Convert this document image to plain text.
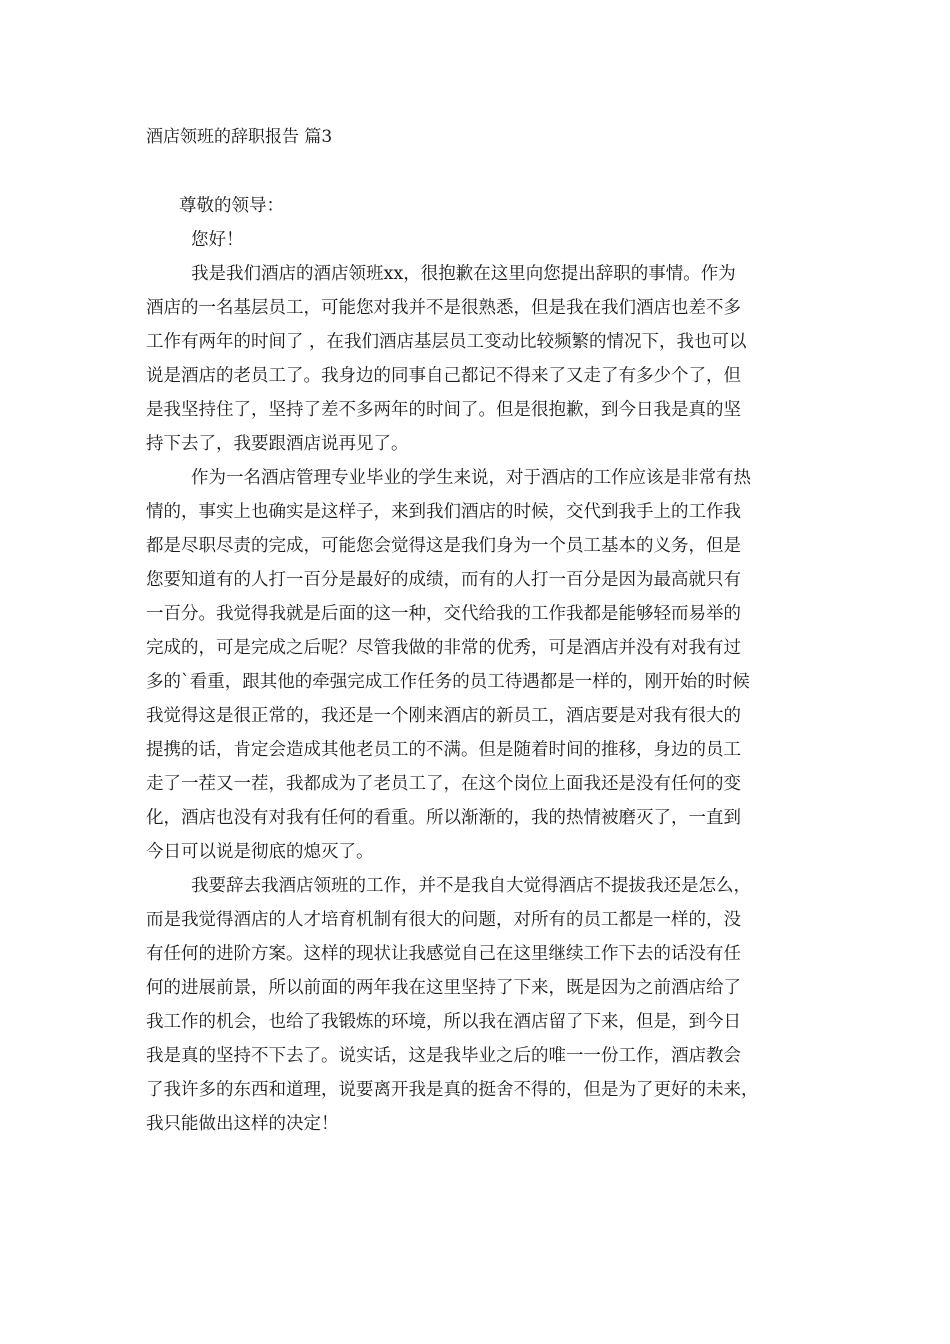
酒店领班的辞职报告 篇3
尊敬的领导：
您好！
我是我们酒店的酒店领班xx，很抱歉在这里向您提出辞职的事情。作为
酒店的一名基层员工，可能您对我并不是很熟悉，但是我在我们酒店也差不多
工作有两年的时间了 ，在我们酒店基层员工变动比较频繁的情况下，我也可以
说是酒店的老员工了。我身边的同事自己都记不得来了又走了有多少个了，但
是我坚持住了，坚持了差不多两年的时间了。但是很抱歉，到今日我是真的坚
持下去了，我要跟酒店说再见了。
作为一名酒店管理专业毕业的学生来说，对于酒店的工作应该是非常有热
情的，事实上也确实是这样子，来到我们酒店的时候，交代到我手上的工作我
都是尽职尽责的完成，可能您会觉得这是我们身为一个员工基本的义务，但是
您要知道有的人打一百分是最好的成绩，而有的人打一百分是因为最高就只有
一百分。我觉得我就是后面的这一种，交代给我的工作我都是能够轻而易举的
完成的，可是完成之后呢？尽管我做的非常的优秀，可是酒店并没有对我有过
多的`看重，跟其他的牵强完成工作任务的员工待遇都是一样的，刚开始的时候
我觉得这是很正常的，我还是一个刚来酒店的新员工，酒店要是对我有很大的
提携的话，肯定会造成其他老员工的不满。但是随着时间的推移，身边的员工
走了一茬又一茬，我都成为了老员工了，在这个岗位上面我还是没有任何的变
化，酒店也没有对我有任何的看重。所以渐渐的，我的热情被磨灭了，一直到
今日可以说是彻底的熄灭了。
我要辞去我酒店领班的工作，并不是我自大觉得酒店不提拔我还是怎么，
而是我觉得酒店的人才培育机制有很大的问题，对所有的员工都是一样的，没
有任何的进阶方案。这样的现状让我感觉自己在这里继续工作下去的话没有任
何的进展前景，所以前面的两年我在这里坚持了下来，既是因为之前酒店给了
我工作的机会，也给了我锻炼的环境，所以我在酒店留了下来，但是，到今日
我是真的坚持不下去了。说实话，这是我毕业之后的唯一一份工作，酒店教会
了我许多的东西和道理，说要离开我是真的挺舍不得的，但是为了更好的未来，
我只能做出这样的决定！
